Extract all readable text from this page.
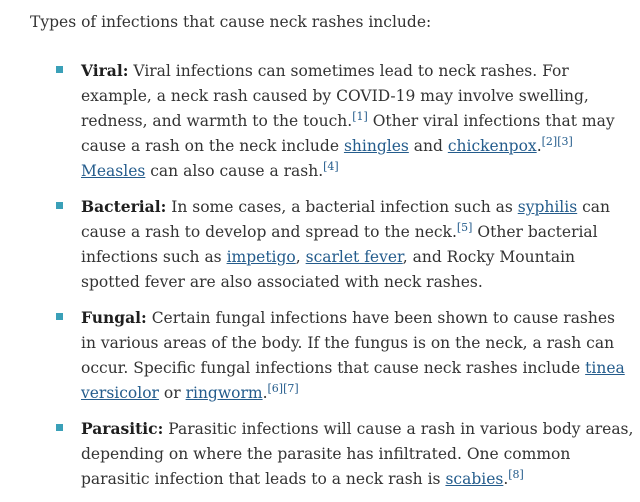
Types of infections that cause neck rashes include:

Viral: Viral infections can sometimes lead to neck rashes. For example, a neck rash caused by COVID-19 may involve swelling, redness, and warmth to the touch.[1] Other viral infections that may cause a rash on the neck include shingles and chickenpox.[2][3] Measles can also cause a rash.[4]
Bacterial: In some cases, a bacterial infection such as syphilis can cause a rash to develop and spread to the neck.[5] Other bacterial infections such as impetigo, scarlet fever, and Rocky Mountain spotted fever are also associated with neck rashes.
Fungal: Certain fungal infections have been shown to cause rashes in various areas of the body. If the fungus is on the neck, a rash can occur. Specific fungal infections that cause neck rashes include tinea versicolor or ringworm.[6][7]
Parasitic: Parasitic infections will cause a rash in various body areas, depending on where the parasite has infiltrated. One common parasitic infection that leads to a neck rash is scabies.[8]
